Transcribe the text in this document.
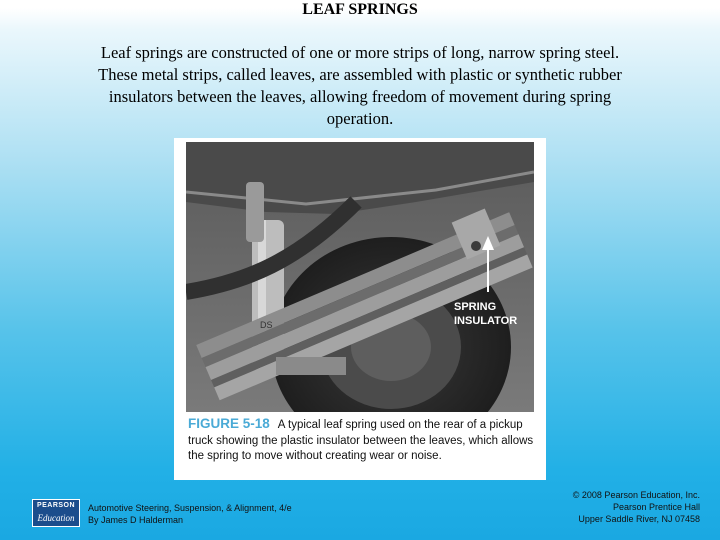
LEAF SPRINGS
Leaf springs are constructed of one or more strips of long, narrow spring steel.
These metal strips, called leaves, are assembled with plastic or synthetic rubber
insulators between the leaves, allowing freedom of movement during spring
operation.
DS
SPRING
INSULATOR
FIGURE 5-18 A typical leaf spring used on the rear of a pickup truck showing the plastic insulator between the leaves, which allows the spring to move without creating wear or noise.
PEARSON
Education
Automotive Steering, Suspension, & Alignment, 4/e
By James D Halderman
© 2008 Pearson Education, Inc.
Pearson Prentice Hall
Upper Saddle River, NJ 07458
